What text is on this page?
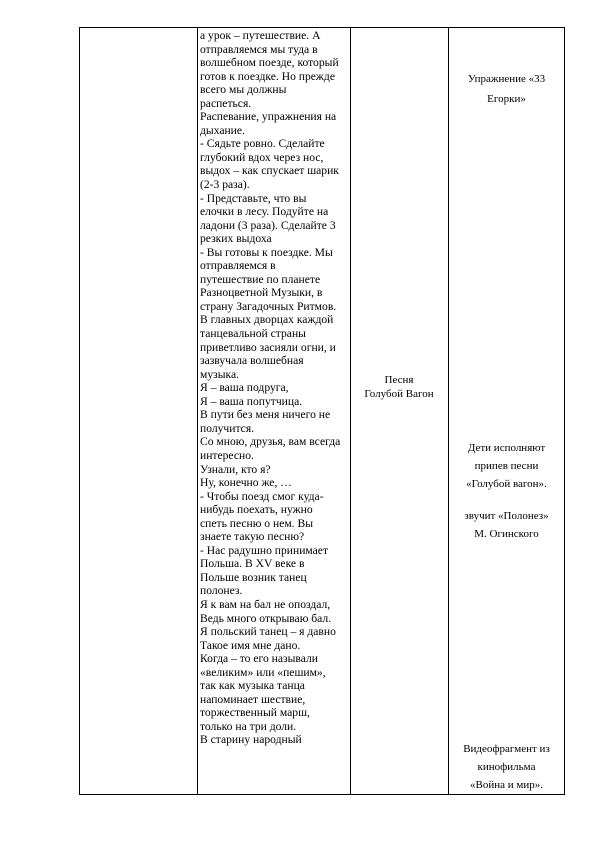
а урок – путешествие. А

отправляемся мы туда в

волшебном поезде, который

готов к поездке. Но прежде

всего мы должны

распеться.

Распевание, упражнения на

дыхание.

- Сядьте ровно. Сделайте

глубокий вдох через нос,

выдох – как спускает шарик

(2-3 раза).

- Представьте, что вы

елочки в лесу. Подуйте на

ладони (3 раза). Сделайте 3

резких выдоха

- Вы готовы к поездке. Мы

отправляемся в

путешествие по планете

Разноцветной Музыки, в

страну Загадочных Ритмов.

В главных дворцах каждой

танцевальной страны

приветливо засияли огни, и

зазвучала волшебная

музыка.

Я – ваша подруга,

Я – ваша попутчица.

В пути без меня ничего не

получится.

Со мною, друзья, вам всегда

интересно.

Узнали, кто я?

Ну, конечно же, …

- Чтобы поезд смог куда-

нибудь поехать, нужно

спеть песню о нем. Вы

знаете такую песню?

- Нас радушно принимает

Польша. В XV веке в

Польше возник танец

полонез.

Я к вам на бал не опоздал,

Ведь много открываю бал.

Я польский танец – я давно

Такое имя мне дано.

Когда – то его называли

«великим» или «пешим»,

так как музыка танца

напоминает шествие,

торжественный марш,

только на три доли.

В старину народный

Песня
Голубой Вагон

Упражнение «33

Егорки»

Дети исполняют

припев песни

«Голубой вагон».

звучит «Полонез»

М. Огинского

Видеофрагмент из

кинофильма

«Война и мир».
